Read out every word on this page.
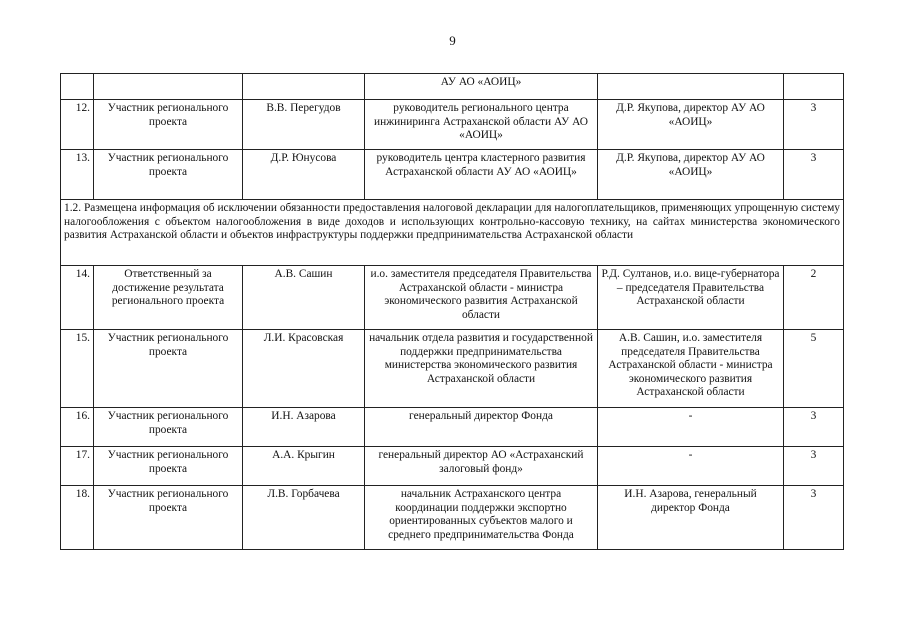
9
			АУ АО «АОИЦ»		
12.	Участник регионального проекта	В.В. Перегудов	руководитель регионального центра инжиниринга Астраханской области АУ АО «АОИЦ»	Д.Р. Якупова, директор АУ АО «АОИЦ»	3
13.	Участник регионального проекта	Д.Р. Юнусова	руководитель центра кластерного развития Астраханской области АУ АО «АОИЦ»	Д.Р. Якупова, директор АУ АО «АОИЦ»	3
1.2. Размещена информация об исключении обязанности предоставления налоговой декларации для налогоплательщиков, применяющих упрощенную систему налогообложения с объектом налогообложения в виде доходов и использующих контрольно-кассовую технику, на сайтах министерства экономического развития Астраханской области и объектов инфраструктуры поддержки предпринимательства Астраханской области					
14.	Ответственный за достижение результата регионального проекта	А.В. Сашин	и.о. заместителя председателя Правительства Астраханской области - министра экономического развития Астраханской области	Р.Д. Султанов, и.о. вице-губернатора – председателя Правительства Астраханской области	2
15.	Участник регионального проекта	Л.И. Красовская	начальник отдела развития и государственной поддержки предпринимательства министерства экономического развития Астраханской области	А.В. Сашин, и.о. заместителя председателя Правительства Астраханской области - министра экономического развития Астраханской области	5
16.	Участник регионального проекта	И.Н. Азарова	генеральный директор Фонда	-	3
17.	Участник регионального проекта	А.А. Крыгин	генеральный директор АО «Астраханский залоговый фонд»	-	3
18.	Участник регионального проекта	Л.В. Горбачева	начальник Астраханского центра координации поддержки экспортно ориентированных субъектов малого и среднего предпринимательства Фонда	И.Н. Азарова, генеральный директор Фонда	3
